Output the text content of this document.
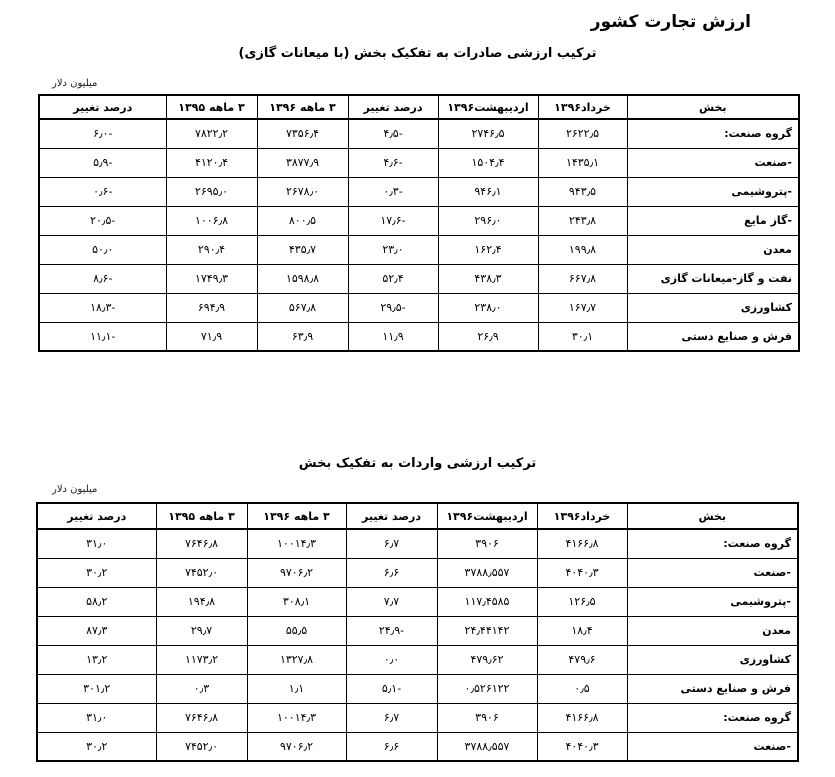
ارزش تجارت کشور
ترکیب ارزشی صادرات به تفکیک بخش (با میعانات گازی)
میلیون دلار
بخش	خرداد۱۳۹۶	اردیبهشت۱۳۹۶	درصد تغییر	۳ ماهه ۱۳۹۶	۳ ماهه ۱۳۹۵	درصد تغییر
گروه صنعت:	۲۶۲۲٫۵	۲۷۴۶٫۵	-۴٫۵	۷۳۵۶٫۴	۷۸۲۲٫۲	-۶٫۰
-صنعت	۱۴۳۵٫۱	۱۵۰۴٫۴	-۴٫۶	۳۸۷۷٫۹	۴۱۲۰٫۴	-۵٫۹
-پتروشیمی	۹۴۳٫۵	۹۴۶٫۱	-۰٫۳	۲۶۷۸٫۰	۲۶۹۵٫۰	-۰٫۶
-گاز مایع	۲۴۳٫۸	۲۹۶٫۰	-۱۷٫۶	۸۰۰٫۵	۱۰۰۶٫۸	-۲۰٫۵
معدن	۱۹۹٫۸	۱۶۲٫۴	۲۳٫۰	۴۳۵٫۷	۲۹۰٫۴	۵۰٫۰
نفت و گاز-میعانات گازی	۶۶۷٫۸	۴۳۸٫۳	۵۲٫۴	۱۵۹۸٫۸	۱۷۴۹٫۳	-۸٫۶
کشاورزی	۱۶۷٫۷	۲۳۸٫۰	-۲۹٫۵	۵۶۷٫۸	۶۹۴٫۹	-۱۸٫۳
فرش و صنایع دستی	۳۰٫۱	۲۶٫۹	۱۱٫۹	۶۳٫۹	۷۱٫۹	-۱۱٫۱
ترکیب ارزشی واردات به تفکیک بخش
میلیون دلار
بخش	خرداد۱۳۹۶	اردیبهشت۱۳۹۶	درصد تغییر	۳ ماهه ۱۳۹۶	۳ ماهه ۱۳۹۵	درصد تغییر
گروه صنعت:	۴۱۶۶٫۸	۳۹۰۶	۶٫۷	۱۰۰۱۴٫۳	۷۶۴۶٫۸	۳۱٫۰
-صنعت	۴۰۴۰٫۳	۳۷۸۸٫۵۵۷	۶٫۶	۹۷۰۶٫۲	۷۴۵۲٫۰	۳۰٫۲
-پتروشیمی	۱۲۶٫۵	۱۱۷٫۴۵۸۵	۷٫۷	۳۰۸٫۱	۱۹۴٫۸	۵۸٫۲
معدن	۱۸٫۴	۲۴٫۴۴۱۴۲	-۲۴٫۹	۵۵٫۵	۲۹٫۷	۸۷٫۳
کشاورزی	۴۷۹٫۶	۴۷۹٫۶۲	۰٫۰	۱۳۲۷٫۸	۱۱۷۳٫۲	۱۳٫۲
فرش و صنایع دستی	۰٫۵	۰٫۵۲۶۱۲۲	-۵٫۱	۱٫۱	۰٫۳	۳۰۱٫۲
گروه صنعت:	۴۱۶۶٫۸	۳۹۰۶	۶٫۷	۱۰۰۱۴٫۳	۷۶۴۶٫۸	۳۱٫۰
-صنعت	۴۰۴۰٫۳	۳۷۸۸٫۵۵۷	۶٫۶	۹۷۰۶٫۲	۷۴۵۲٫۰	۳۰٫۲
